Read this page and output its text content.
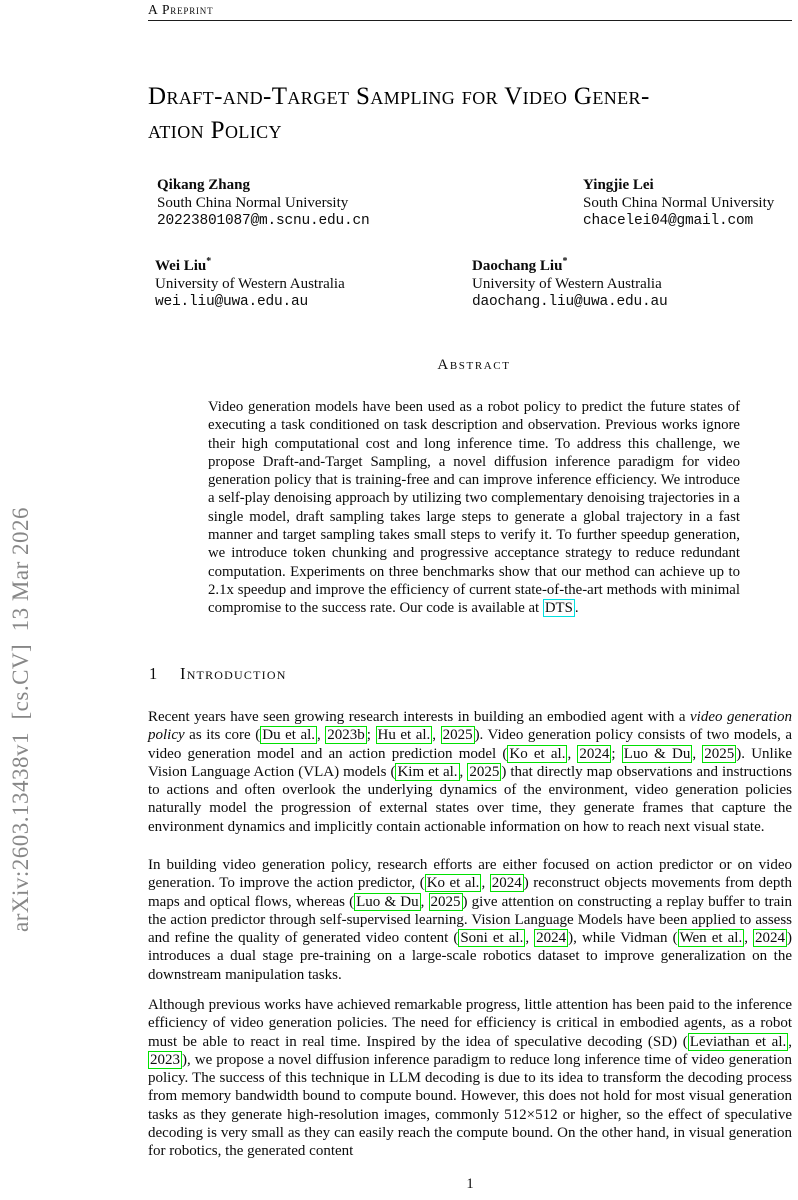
arXiv:2603.13438v1  [cs.CV]  13 Mar 2026
A Preprint
Draft-and-Target Sampling for Video Gener-
ation Policy
Qikang Zhang
South China Normal University
20223801087@m.scnu.edu.cn
Yingjie Lei
South China Normal University
chacelei04@gmail.com
Wei Liu*
University of Western Australia
wei.liu@uwa.edu.au
Daochang Liu*
University of Western Australia
daochang.liu@uwa.edu.au
Abstract
Video generation models have been used as a robot policy to predict the future states of executing a task conditioned on task description and observation. Previous works ignore their high computational cost and long inference time. To address this challenge, we propose Draft-and-Target Sampling, a novel diffusion inference paradigm for video generation policy that is training-free and can improve inference efficiency. We introduce a self-play denoising approach by utilizing two complementary denoising trajectories in a single model, draft sampling takes large steps to generate a global trajectory in a fast manner and target sampling takes small steps to verify it. To further speedup generation, we introduce token chunking and progressive acceptance strategy to reduce redundant computation. Experiments on three benchmarks show that our method can achieve up to 2.1x speedup and improve the efficiency of current state-of-the-art methods with minimal compromise to the success rate. Our code is available at DTS .
1 Introduction

Recent years have seen growing research interests in building an embodied agent with a video generation policy as its core ( Du et al. , 2023b ; Hu et al. , 2025 ). Video generation policy consists of two models, a video generation model and an action prediction model ( Ko et al. , 2024 ; Luo & Du , 2025 ). Unlike Vision Language Action (VLA) models ( Kim et al. , 2025 ) that directly map observations and instructions to actions and often overlook the underlying dynamics of the environment, video generation policies naturally model the progression of external states over time, they generate frames that capture the environment dynamics and implicitly contain actionable information on how to reach next visual state.

In building video generation policy, research efforts are either focused on action predictor or on video generation. To improve the action predictor, ( Ko et al. , 2024 ) reconstruct objects movements from depth maps and optical flows, whereas ( Luo & Du , 2025 ) give attention on constructing a replay buffer to train the action predictor through self-supervised learning. Vision Language Models have been applied to assess and refine the quality of generated video content ( Soni et al. , 2024 ), while Vidman ( Wen et al. , 2024 ) introduces a dual stage pre-training on a large-scale robotics dataset to improve generalization on the downstream manipulation tasks.

Although previous works have achieved remarkable progress, little attention has been paid to the inference efficiency of video generation policies. The need for efficiency is critical in embodied agents, as a robot must be able to react in real time. Inspired by the idea of speculative decoding (SD) ( Leviathan et al. , 2023 ), we propose a novel diffusion inference paradigm to reduce long inference time of video generation policy. The success of this technique in LLM decoding is due to its idea to transform the decoding process from memory bandwidth bound to compute bound. However, this does not hold for most visual generation tasks as they generate high-resolution images, commonly 512×512 or higher, so the effect of speculative decoding is very small as they can easily reach the compute bound. On the other hand, in visual generation for robotics, the generated content

1
